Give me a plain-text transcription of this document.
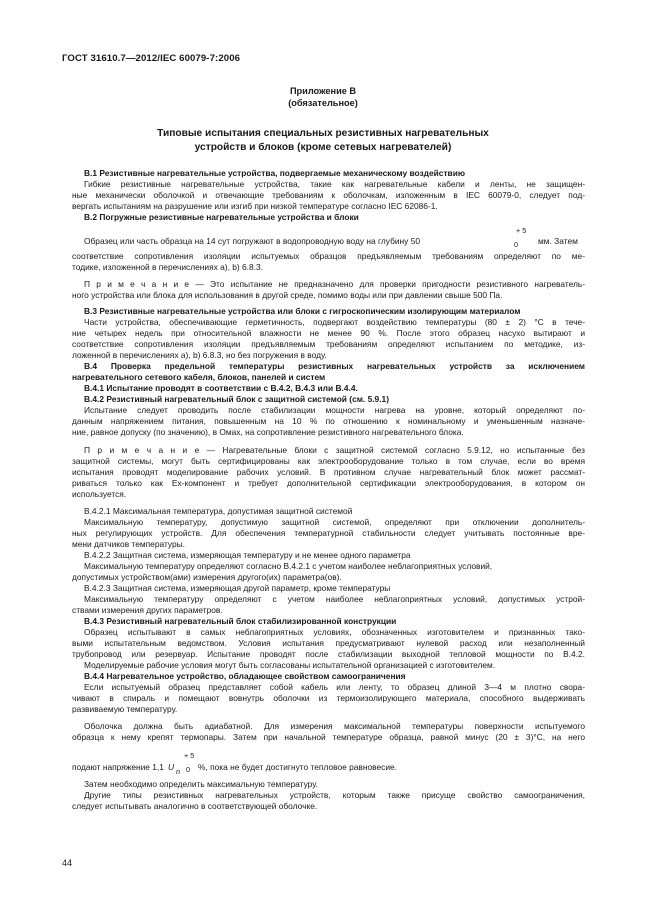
ГОСТ 31610.7—2012/IEC 60079-7:2006
Приложение В
(обязательное)
Типовые испытания специальных резистивных нагревательных
устройств и блоков (кроме сетевых нагревателей)
В.1 Резистивные нагревательные устройства, подвергаемые механическому воздействию
Гибкие резистивные нагревательные устройства, такие как нагревательные кабели и ленты, не защищен-
ные механически оболочкой и отвечающие требованиям к оболочкам, изложенным в IEC 60079-0, следует под-
вергать испытаниям на разрушение или изгиб при низкой температуре согласно IEC 62086-1.
В.2 Погружные резистивные нагревательные устройства и блоки
Образец или часть образца на 14 сут погружают в водопроводную воду на глубину 50
+ 5
0 мм. Затем
соответствие сопротивления изоляции испытуемых образцов предъявляемым требованиям определяют по ме-
тодике, изложенной в перечислениях а), b) 6.8.3.
П р и м е ч а н и е — Это испытание не предназначено для проверки пригодности резистивного нагреватель-
ного устройства или блока для использования в другой среде, помимо воды или при давлении свыше 500 Па.
В.3 Резистивные нагревательные устройства или блоки с гигроскопическим изолирующим материалом
Части устройства, обеспечивающие герметичность, подвергают воздействию температуры (80 ± 2) °С в тече-
ние четырех недель при относительной влажности не менее 90 %. После этого образец насухо вытирают и
соответствие сопротивления изоляции предъявляемым требованиям определяют испытанием по методике, из-
ложенной в перечислениях а), b) 6.8.3, но без погружения в воду.
В.4 Проверка предельной температуры резистивных нагревательных устройств за исключением
нагревательного сетевого кабеля, блоков, панелей и систем
В.4.1 Испытание проводят в соответствии с В.4.2, В.4.3 или В.4.4.
В.4.2 Резистивный нагревательный блок с защитной системой (см. 5.9.1)
Испытание следует проводить после стабилизации мощности нагрева на уровне, который определяют по-
данным напряжением питания, повышенным на 10 % по отношению к номинальному и уменьшенным назначе-
ние, равное допуску (по значению), в Омах, на сопротивление резистивного нагревательного блока.
П р и м е ч а н и е — Нагревательные блоки с защитной системой согласно 5.9.12, но испытанные без
защитной системы, могут быть сертифицированы как электрооборудование только в том случае, если во время
испытания проводят моделирование рабочих условий. В противном случае нагревательный блок может рассмат-
риваться только как Ex-компонент и требует дополнительной сертификации электрооборудования, в котором он
используется.
В.4.2.1 Максимальная температура, допустимая защитной системой
Максимальную температуру, допустимую защитной системой, определяют при отключении дополнитель-
ных регулирующих устройств. Для обеспечения температурной стабильности следует учитывать постоянные вре-
мени датчиков температуры.
В.4.2.2 Защитная система, измеряющая температуру и не менее одного параметра
Максимальную температуру определяют согласно В.4.2.1 с учетом наиболее неблагоприятных условий,
допустимых устройством(ами) измерения другого(их) параметра(ов).
В.4.2.3 Защитная система, измеряющая другой параметр, кроме температуры
Максимальную температуру определяют с учетом наиболее неблагоприятных условий, допустимых устрой-
ствами измерения других параметров.
В.4.3 Резистивный нагревательный блок стабилизированной конструкции
Образец испытывают в самых неблагоприятных условиях, обозначенных изготовителем и признанных тако-
выми испытательным ведомством. Условия испытания предусматривают нулевой расход или незаполненный
трубопровод или резервуар. Испытание проводят после стабилизации выходной тепловой мощности по В.4.2.
Моделируемые рабочие условия могут быть согласованы испытательной организацией с изготовителем.
В.4.4 Нагревательное устройство, обладающее свойством самоограничения
Если испытуемый образец представляет собой кабель или ленту, то образец длиной 3—4 м плотно свора-
чивают в спираль и помещают вовнутрь оболочки из термоизолирующего материала, способного выдерживать
развиваемую температуру.
Оболочка должна быть адиабатной. Для измерения максимальной температуры поверхности испытуемого
образца к нему крепят термопары. Затем при начальной температуре образца, равной минус (20 ± 3)°С, на него
подают напряжение 1,1 U n
+ 5
0 %, пока не будет достигнуто тепловое равновесие.
Затем необходимо определить максимальную температуру.
Другие типы резистивных нагревательных устройств, которым также присуще свойство самоограничения,
следует испытывать аналогично в соответствующей оболочке.
44
